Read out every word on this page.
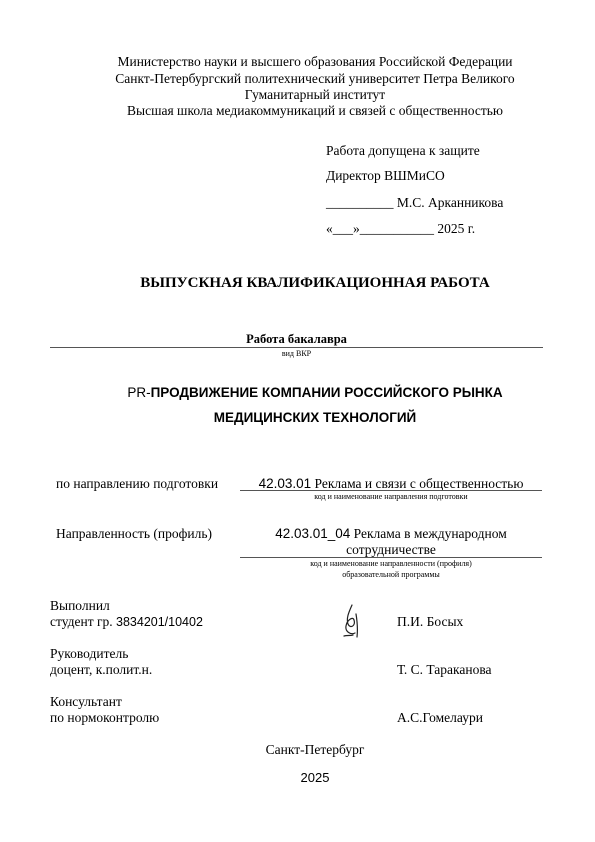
Министерство науки и высшего образования Российской Федерации
Санкт-Петербургский политехнический университет Петра Великого
Гуманитарный институт
Высшая школа медиакоммуникаций и связей с общественностью
Работа допущена к защите
Директор ВШМиСО
__________ М.С. Арканникова
«___»___________ 2025 г.
ВЫПУСКНАЯ КВАЛИФИКАЦИОННАЯ РАБОТА
Работа бакалавра
вид ВКР
PR-ПРОДВИЖЕНИЕ КОМПАНИИ РОССИЙСКОГО РЫНКА
МЕДИЦИНСКИХ ТЕХНОЛОГИЙ
по направлению подготовки	42.03.01 Реклама и связи с общественностью
код и наименование направления подготовки
Направленность (профиль)	42.03.01_04 Реклама в международном
сотрудничестве
код и наименование направленности (профиля)
образовательной программы
Выполнил
студент гр. 3834201/10402	П.И. Босых
Руководитель
доцент, к.полит.н.	Т. С. Тараканова
Консультант
по нормоконтролю	А.С.Гомелаури
Санкт-Петербург
2025
